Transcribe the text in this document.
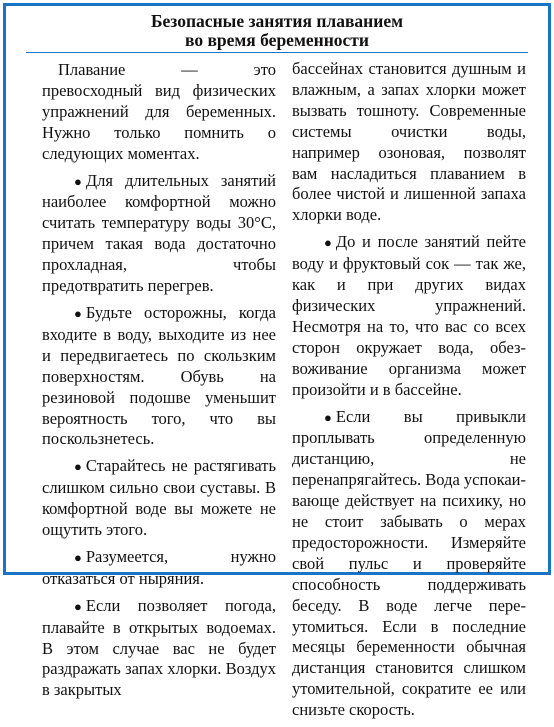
Безопасные занятия плаванием
во время беременности

Плавание — это превосходный вид физических упражнений для беременных. Нужно только помнить о следующих моментах.

● Для длительных занятий наиболее комфортной можно считать температуру воды 30°C, причем такая вода достаточно прохладная, чтобы предотвратить перегрев.

● Будьте осторожны, когда входите в воду, выходите из нее и передвигаетесь по скользким поверхностям. Обувь на резиновой подошве уменьшит вероятность того, что вы поскользнетесь.

● Старайтесь не растягивать слишком сильно свои суставы. В комфортной воде вы можете не ощутить этого.

● Разумеется, нужно отказаться от ныряния.

● Если позволяет погода, плавайте в открытых водоемах. В этом случае вас не будет раздражать запах хлорки. Воздух в закрытых

бассейнах становится душным и влажным, а запах хлорки может вызвать тошноту. Современные системы очистки воды, например озоновая, позволят вам насладиться плаванием в более чистой и лишенной запаха хлорки воде.

● До и после занятий пейте воду и фруктовый сок — так же, как и при других видах физических упражнений. Несмотря на то, что вас со всех сторон окружает вода, обезвоживание организма может произойти и в бассейне.

● Если вы привыкли проплывать определенную дистанцию, не перенапрягайтесь. Вода успокаивающе действует на психику, но не стоит забывать о мерах предосторожности. Измеряйте свой пульс и проверяйте способность поддерживать беседу. В воде легче переутомиться. Если в последние месяцы беременности обычная дистанция становится слишком утомительной, сократите ее или снизьте скорость.
